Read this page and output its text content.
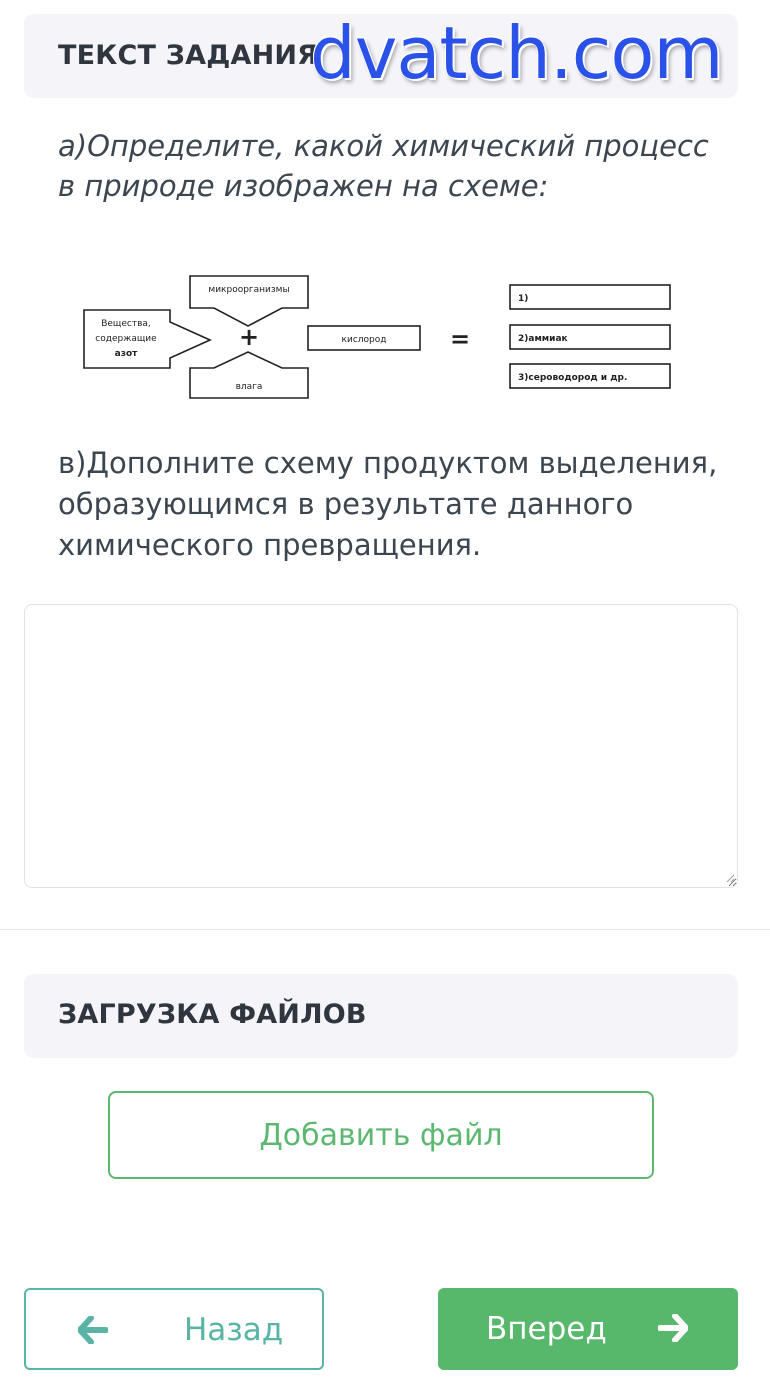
ТЕКСТ ЗАДАНИЯ
dvatch.com
а)Определите, какой химический процесс в природе изображен на схеме:
Вещества,
содержащие
азот
микроорганизмы
влага
+	кислород	=
1)
2)аммиак
3)сероводород и др.
в)Дополните схему продуктом выделения, образующимся в результате данного химического превращения.
ЗАГРУЗКА ФАЙЛОВ
Добавить файл
Назад	Вперед
